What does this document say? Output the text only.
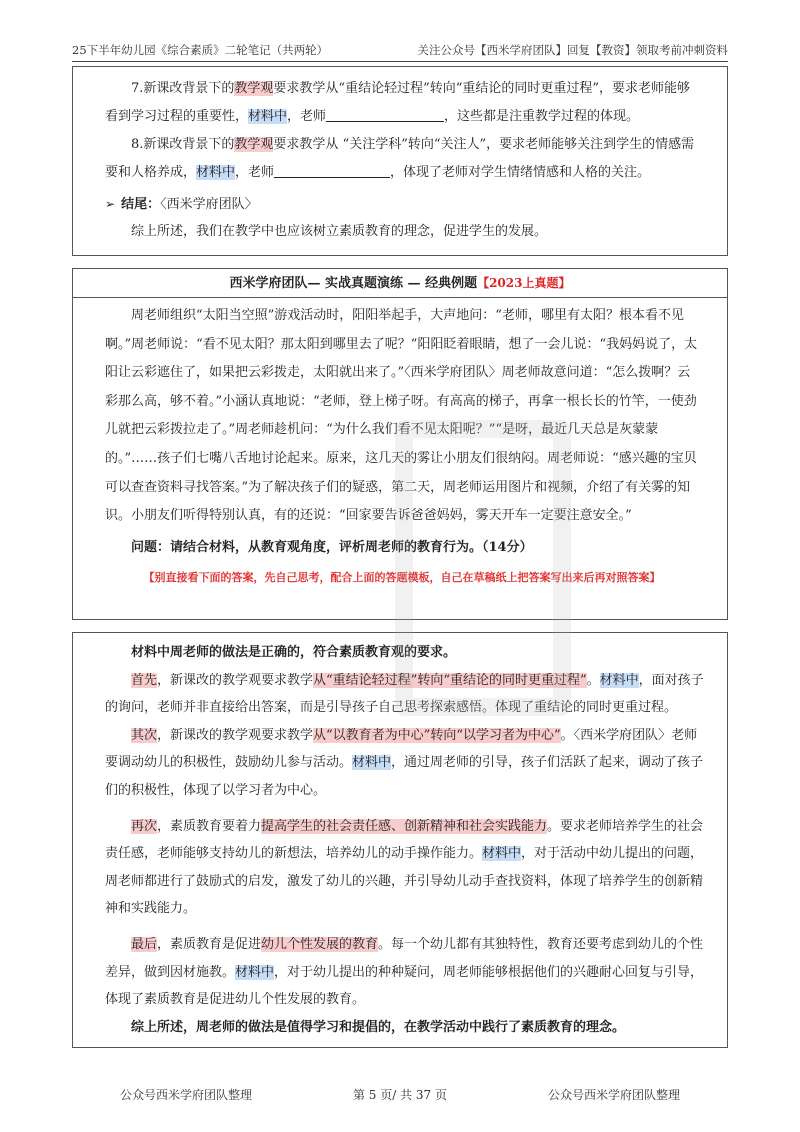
25下半年幼儿园《综合素质》二轮笔记（共两轮）	关注公众号【西米学府团队】回复【教资】领取考前冲刺资料

7.新课改背景下的教学观要求教学从“重结论轻过程”转向“重结论的同时更重过程”，要求老师能够看到学习过程的重要性，材料中，老师	，这些都是注重教学过程的体现。

8.新课改背景下的教学观要求教学从 “关注学科”转向“关注人”，要求老师能够关注到学生的情感需要和人格养成，材料中，老师	，体现了老师对学生情绪情感和人格的关注。

➢ 结尾：〈西米学府团队〉

综上所述，我们在教学中也应该树立素质教育的理念，促进学生的发展。

西米学府团队— 实战真题演练 — 经典例题【2023上真题】

周老师组织“太阳当空照”游戏活动时，阳阳举起手，大声地问：“老师，哪里有太阳？根本看不见啊。”周老师说：“看不见太阳？那太阳到哪里去了呢？”阳阳眨着眼睛，想了一会儿说：“我妈妈说了，太阳让云彩遮住了，如果把云彩拨走，太阳就出来了。”〈西米学府团队〉周老师故意问道：“怎么拨啊？云彩那么高，够不着。”小涵认真地说：“老师，登上梯子呀。有高高的梯子，再拿一根长长的竹竿，一使劲儿就把云彩拨拉走了。”周老师趁机问：“为什么我们看不见太阳呢？”“是呀，最近几天总是灰蒙蒙的。”……孩子们七嘴八舌地讨论起来。原来，这几天的雾让小朋友们很纳闷。周老师说：“感兴趣的宝贝可以查查资料寻找答案。”为了解决孩子们的疑惑，第二天，周老师运用图片和视频，介绍了有关雾的知识。小朋友们听得特别认真，有的还说：“回家要告诉爸爸妈妈，雾天开车一定要注意安全。”

问题：请结合材料，从教育观角度，评析周老师的教育行为。（14分）

【别直接看下面的答案，先自己思考，配合上面的答题模板，自己在草稿纸上把答案写出来后再对照答案】

材料中周老师的做法是正确的，符合素质教育观的要求。

首先，新课改的教学观要求教学从“重结论轻过程”转向“重结论的同时更重过程”。材料中，面对孩子的询问，老师并非直接给出答案，而是引导孩子自己思考探索感悟。体现了重结论的同时更重过程。

其次，新课改的教学观要求教学从“以教育者为中心”转向“以学习者为中心”。〈西米学府团队〉老师要调动幼儿的积极性，鼓励幼儿参与活动。材料中，通过周老师的引导，孩子们活跃了起来，调动了孩子们的积极性，体现了以学习者为中心。

再次，素质教育要着力提高学生的社会责任感、创新精神和社会实践能力。要求老师培养学生的社会责任感，老师能够支持幼儿的新想法，培养幼儿的动手操作能力。材料中，对于活动中幼儿提出的问题，周老师都进行了鼓励式的启发，激发了幼儿的兴趣，并引导幼儿动手查找资料，体现了培养学生的创新精神和实践能力。

最后，素质教育是促进幼儿个性发展的教育。每一个幼儿都有其独特性，教育还要考虑到幼儿的个性差异，做到因材施教。材料中，对于幼儿提出的种种疑问，周老师能够根据他们的兴趣耐心回复与引导，体现了素质教育是促进幼儿个性发展的教育。

综上所述，周老师的做法是值得学习和提倡的，在教学活动中践行了素质教育的理念。

公众号西米学府团队整理	第 5 页/ 共 37 页	公众号西米学府团队整理
